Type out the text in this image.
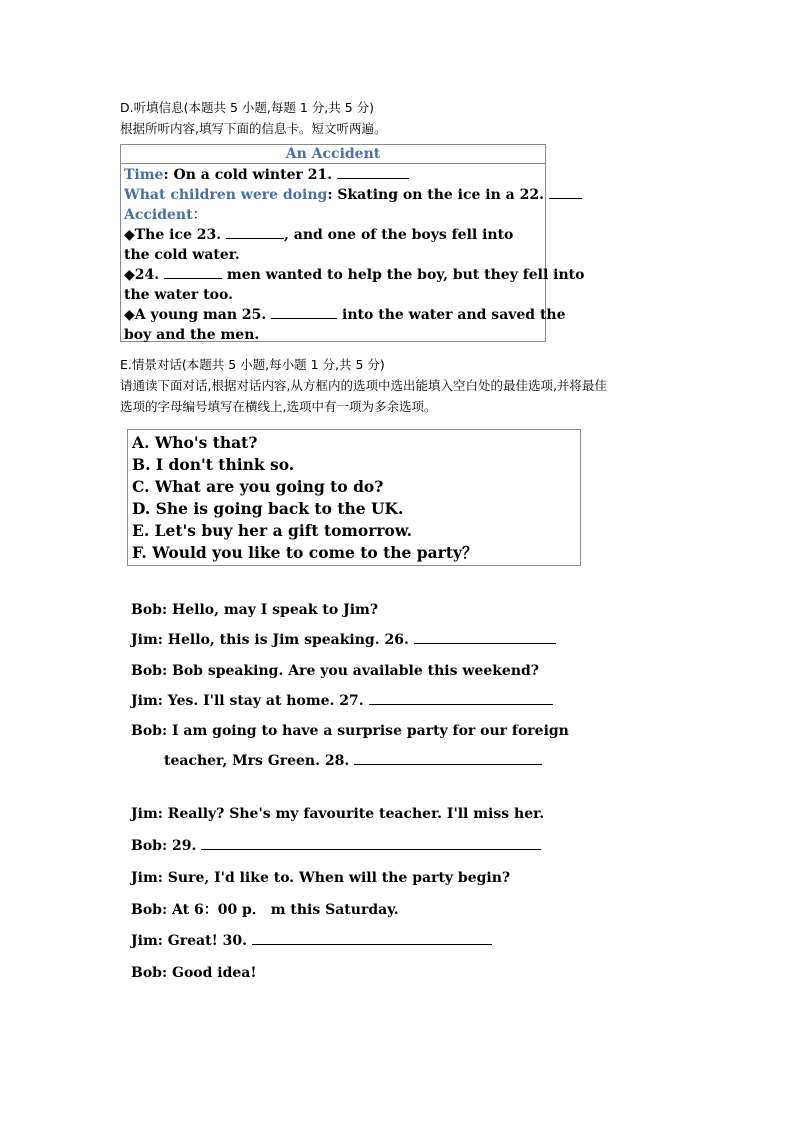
D.听填信息(本题共 5 小题,每题 1 分,共 5 分)
根据所听内容,填写下面的信息卡。短文听两遍。
An Accident
Time: On a cold winter 21.
What children were doing: Skating on the ice in a 22.
Accident：
◆The ice 23.	, and one of the boys fell into
the cold water.
◆24.	men wanted to help the boy, but they fell into
the water too.
◆A young man 25.	into the water and saved the
boy and the men.
E.情景对话(本题共 5 小题,每小题 1 分,共 5 分)
请通读下面对话,根据对话内容,从方框内的选项中选出能填入空白处的最佳选项,并将最佳
选项的字母编号填写在横线上,选项中有一项为多余选项。
A. Who's that?
B. I don't think so.
C. What are you going to do?
D. She is going back to the UK.
E. Let's buy her a gift tomorrow.
F. Would you like to come to the party？
Bob: Hello, may I speak to Jim?
Jim: Hello, this is Jim speaking. 26.
Bob: Bob speaking. Are you available this weekend?
Jim: Yes. I'll stay at home. 27.
Bob: I am going to have a surprise party for our foreign
teacher, Mrs Green. 28.
Jim: Really? She's my favourite teacher. I'll miss her.
Bob: 29.
Jim: Sure, I'd like to. When will the party begin?
Bob: At 6：00 p． m this Saturday.
Jim: Great! 30.
Bob: Good idea!
